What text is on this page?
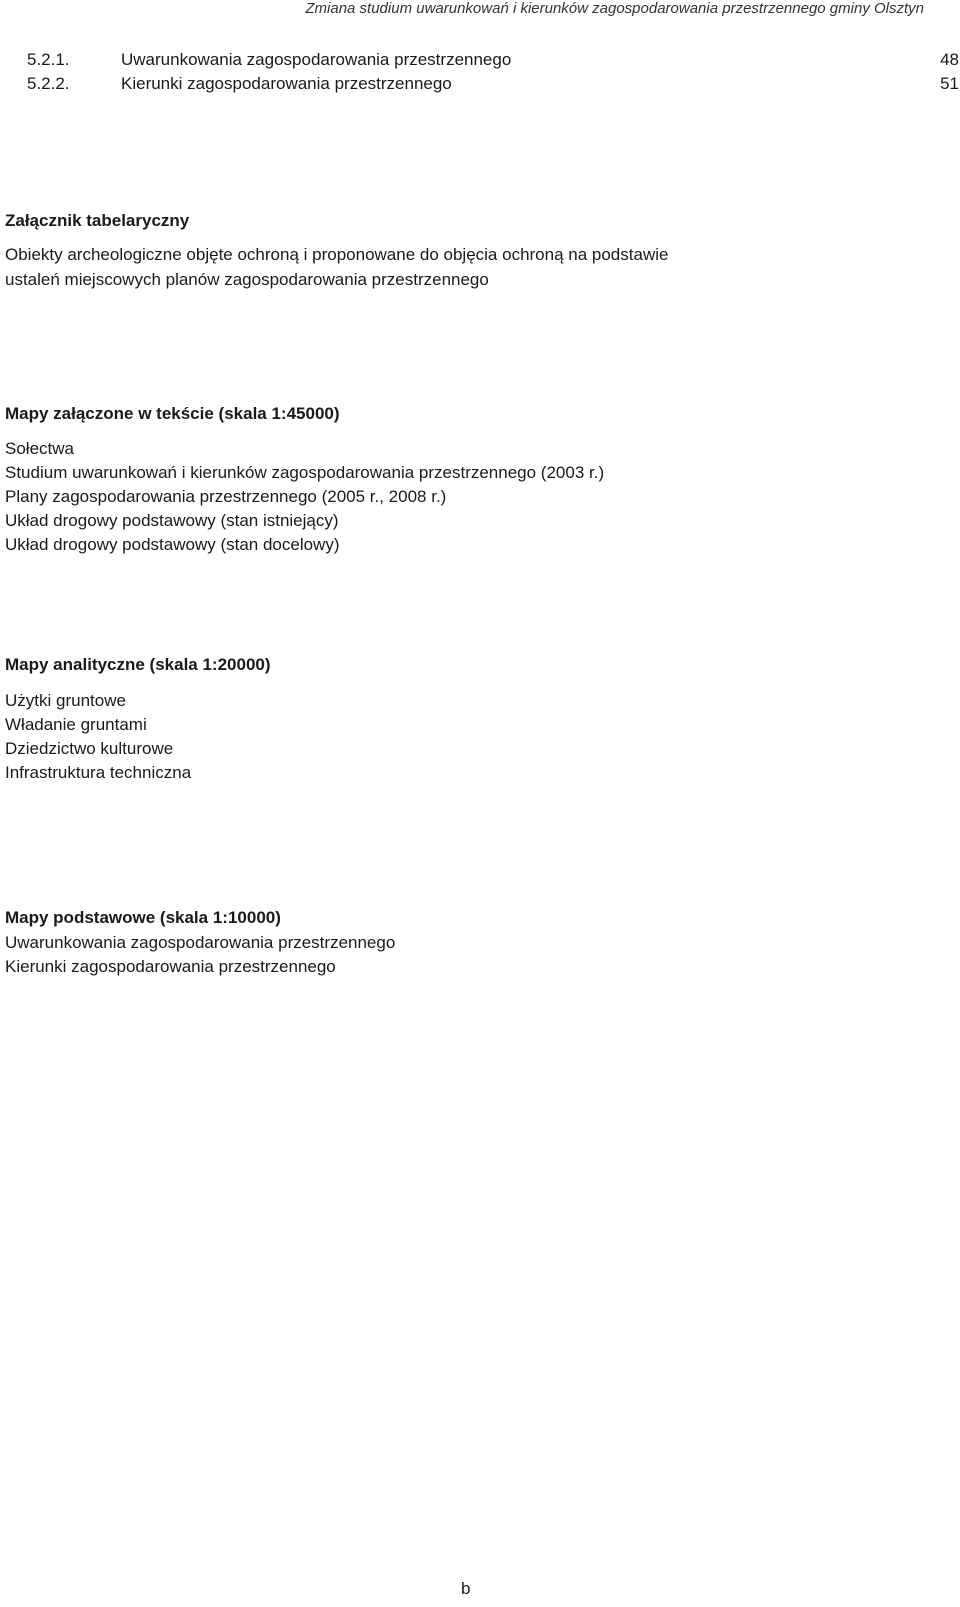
Zmiana studium uwarunkowań i kierunków zagospodarowania przestrzennego gminy Olsztyn
5.2.1.	Uwarunkowania zagospodarowania przestrzennego	48
5.2.2.	Kierunki zagospodarowania przestrzennego	51
Załącznik tabelaryczny

Obiekty archeologiczne objęte ochroną i proponowane do objęcia ochroną na podstawie
ustaleń miejscowych planów zagospodarowania przestrzennego

Mapy załączone w tekście (skala 1:45000)
Sołectwa
Studium uwarunkowań i kierunków zagospodarowania przestrzennego (2003 r.)
Plany zagospodarowania przestrzennego (2005 r., 2008 r.)
Układ drogowy podstawowy (stan istniejący)
Układ drogowy podstawowy (stan docelowy)
Mapy analityczne (skala 1:20000)
Użytki gruntowe
Władanie gruntami
Dziedzictwo kulturowe
Infrastruktura techniczna
Mapy podstawowe (skala 1:10000)
Uwarunkowania zagospodarowania przestrzennego
Kierunki zagospodarowania przestrzennego
b
